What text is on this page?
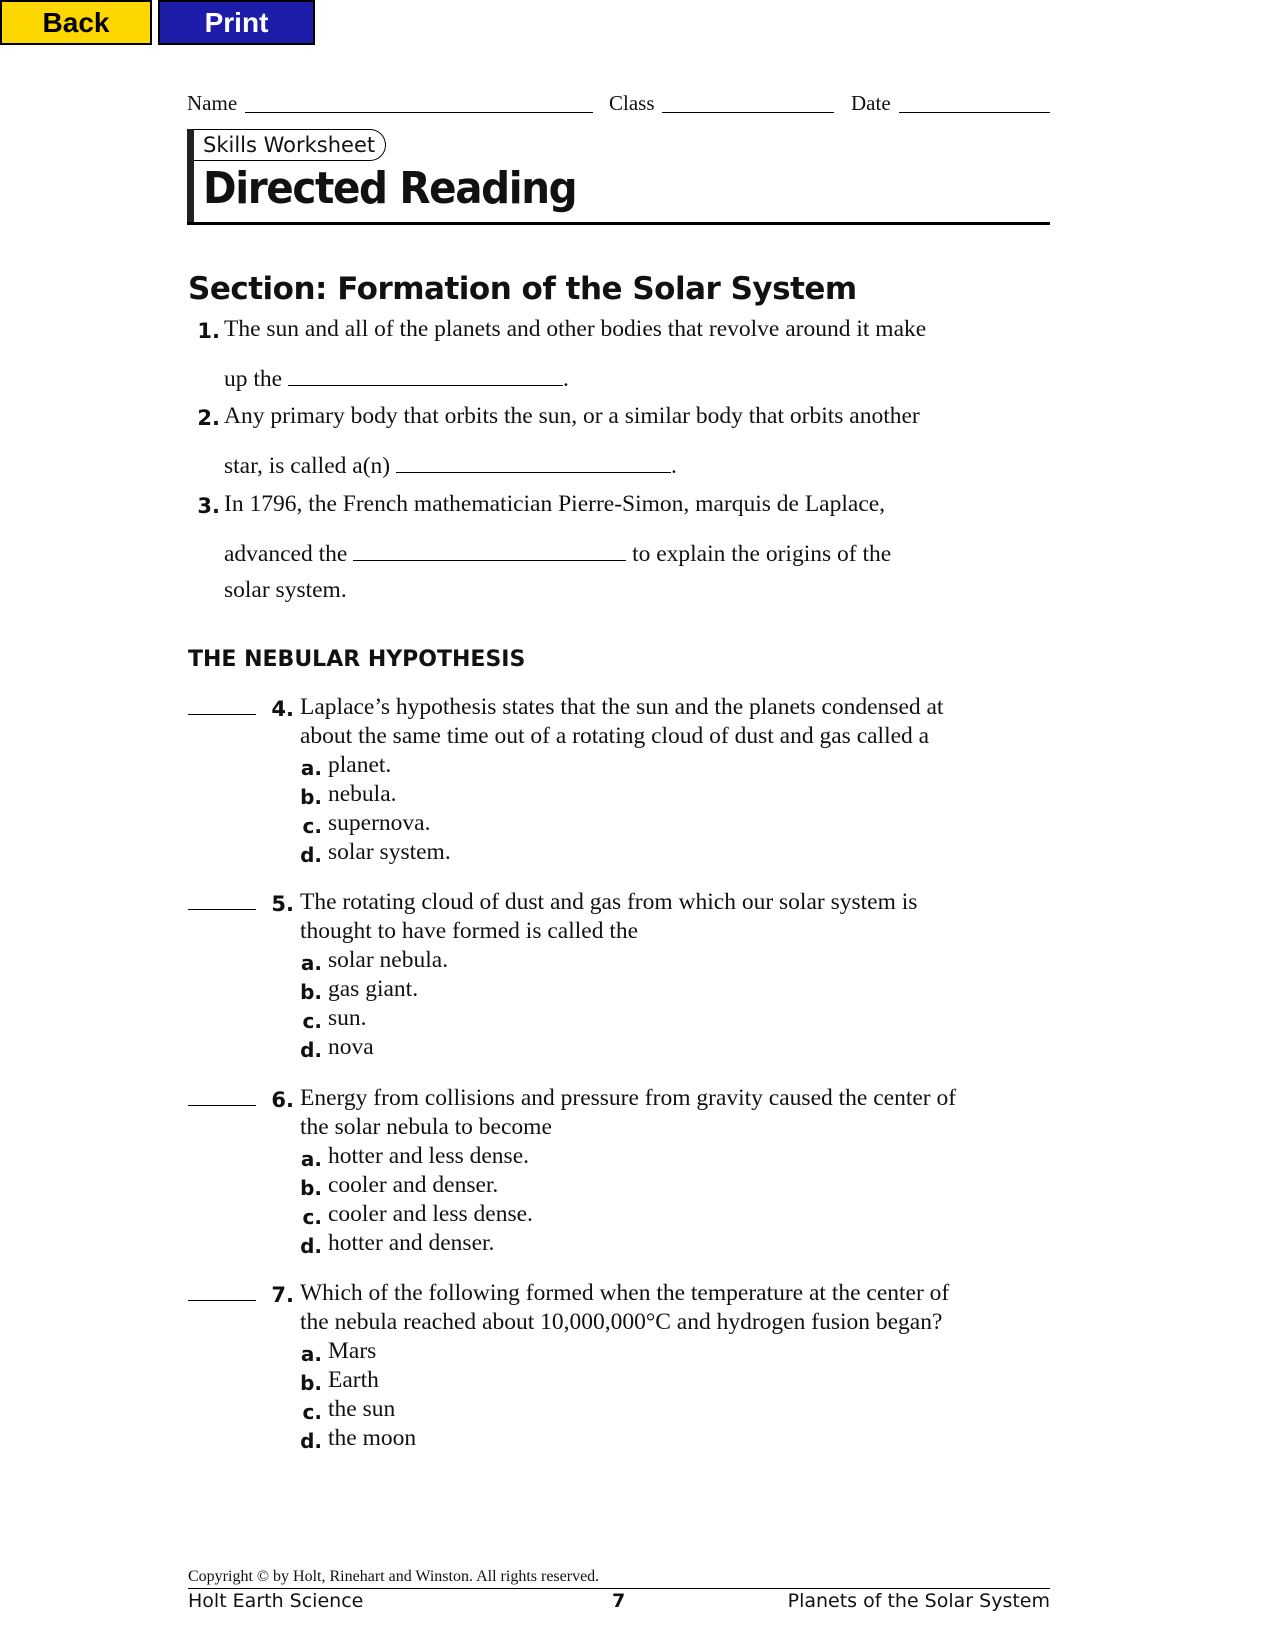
Back	Print
Name	Class	Date
Skills Worksheet
Directed Reading
Section: Formation of the Solar System
1. The sun and all of the planets and other bodies that revolve around it make
up the	.
2. Any primary body that orbits the sun, or a similar body that orbits another
star, is called a(n)	.
3. In 1796, the French mathematician Pierre-Simon, marquis de Laplace,
advanced the	to explain the origins of the
solar system.
THE NEBULAR HYPOTHESIS
4. Laplace’s hypothesis states that the sun and the planets condensed at
about the same time out of a rotating cloud of dust and gas called a
a. planet.
b. nebula.
c. supernova.
d. solar system.
5. The rotating cloud of dust and gas from which our solar system is
thought to have formed is called the
a. solar nebula.
b. gas giant.
c. sun.
d. nova
6. Energy from collisions and pressure from gravity caused the center of
the solar nebula to become
a. hotter and less dense.
b. cooler and denser.
c. cooler and less dense.
d. hotter and denser.
7. Which of the following formed when the temperature at the center of
the nebula reached about 10,000,000°C and hydrogen fusion began?
a. Mars
b. Earth
c. the sun
d. the moon
Copyright © by Holt, Rinehart and Winston. All rights reserved.
Holt Earth Science	7	Planets of the Solar System
